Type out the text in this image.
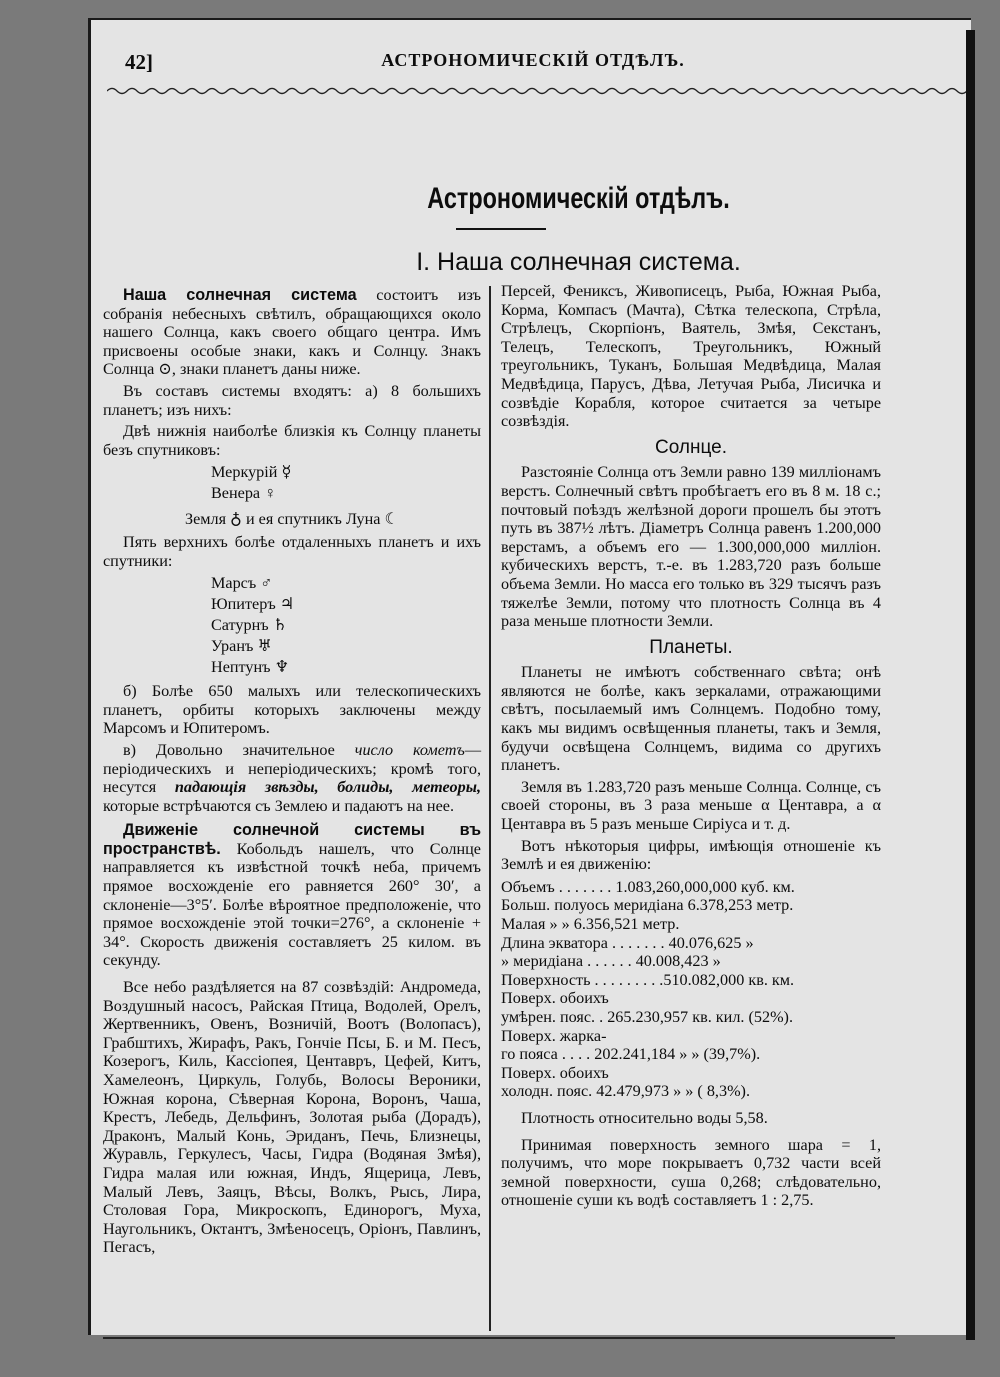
42]	АСТРОНОМИЧЕСКІЙ ОТДѢЛЪ.
Астрономическій отдѣлъ.
I. Наша солнечная система.

Наша солнечная система состоитъ изъ собранія небесныхъ свѣтилъ, обращающихся около нашего Солнца, какъ своего общаго центра. Имъ присвоены особые знаки, какъ и Солнцу. Знакъ Солнца ⊙, знаки планетъ даны ниже.

Въ составъ системы входятъ: а) 8 большихъ планетъ; изъ нихъ:

Двѣ нижнія наиболѣе близкія къ Солнцу планеты безъ спутниковъ:

Меркурій ☿
Венера ♀

Земля ♁ и ея спутникъ Луна ☾

Пять верхнихъ болѣе отдаленныхъ планетъ и ихъ спутники:

Марсъ ♂
Юпитеръ ♃
Сатурнъ ♄
Уранъ ♅
Нептунъ ♆

б) Болѣе 650 малыхъ или телескопическихъ планетъ, орбиты которыхъ заключены между Марсомъ и Юпитеромъ.

в) Довольно значительное число кометъ— періодическихъ и непеpіодическихъ; кромѣ того, несутся падающія звѣзды, болиды, метеоры, которые встрѣчаются съ Землею и падаютъ на нее.

Движеніе солнечной системы въ пространствѣ. Кобольдъ нашелъ, что Солнце направляется къ извѣстной точкѣ неба, причемъ прямое восхожденіе его равняется 260° 30′, а склоненіе—3°5′. Болѣе вѣроятное предположеніе, что прямое восхожденіе этой точки=276°, а склоненіе + 34°. Скорость движенія составляетъ 25 килом. въ секунду.

Все небо раздѣляется на 87 созвѣздій: Андромеда, Воздушный насосъ, Райская Птица, Водолей, Орелъ, Жертвенникъ, Овенъ, Возничій, Воотъ (Волопасъ), Грабштихъ, Жирафъ, Ракъ, Гончіе Псы, Б. и М. Песъ, Козерогъ, Киль, Кассіопея, Центавръ, Цефей, Китъ, Хамелеонъ, Циркуль, Голубь, Волосы Вероники, Южная корона, Сѣверная Корона, Воронъ, Чаша, Крестъ, Лебедь, Дельфинъ, Золотая рыба (Дорадъ), Драконъ, Малый Конь, Эриданъ, Печь, Близнецы, Журавль, Геркулесъ, Часы, Гидра (Водяная Змѣя), Гидра малая или южная, Индъ, Ящерица, Левъ, Малый Левъ, Заяцъ, Вѣсы, Волкъ, Рысь, Лира, Столовая Гора, Микроскопъ, Единорогъ, Муха, Наугольникъ, Октантъ, Змѣеносецъ, Оріонъ, Павлинъ, Пегасъ,

Персей, Фениксъ, Живописецъ, Рыба, Южная Рыба, Корма, Компасъ (Мачта), Сѣтка телескопа, Стрѣла, Стрѣлецъ, Скорпіонъ, Ваятель, Змѣя, Секстанъ, Телецъ, Телескопъ, Треугольникъ, Южный треугольникъ, Туканъ, Большая Медвѣдица, Малая Медвѣдица, Парусъ, Дѣва, Летучая Рыба, Лисичка и созвѣдіе Корабля, которое считается за четыре созвѣздія.

Солнце.

Разстояніе Солнца отъ Земли равно 139 милліонамъ верстъ. Солнечный свѣтъ пробѣгаетъ его въ 8 м. 18 с.; почтовый поѣздъ желѣзной дороги прошелъ бы этотъ путь въ 387½ лѣтъ. Діаметръ Солнца равенъ 1.200,000 верстамъ, а объемъ его — 1.300,000,000 милліон. кубическихъ верстъ, т.-е. въ 1.283,720 разъ больше объема Земли. Но масса его только въ 329 тысячъ разъ тяжелѣе Земли, потому что плотность Солнца въ 4 раза меньше плотности Земли.

Планеты.

Планеты не имѣютъ собственнаго свѣта; онѣ являются не болѣе, какъ зеркалами, отражающими свѣтъ, посылаемый имъ Солнцемъ. Подобно тому, какъ мы видимъ освѣщенныя планеты, такъ и Земля, будучи освѣщена Солнцемъ, видима со другихъ планетъ.

Земля въ 1.283,720 разъ меньше Солнца. Солнце, съ своей стороны, въ 3 раза меньше α Центавра, а α Центавра въ 5 разъ меньше Сиріуса и т. д.

Вотъ нѣкоторыя цифры, имѣющія отношеніе къ Землѣ и ея движенію:

Объемъ . . . . . . . 1.083,260,000,000 куб. км.
Больш. полуось меридіана 6.378,253 метр.
Малая » » 6.356,521 метр.
Длина экватора . . . . . . . 40.076,625 »
» меридіана . . . . . . 40.008,423 »
Поверхность . . . . . . . . .510.082,000 кв. км.
Поверх. обоихъ
умѣрен. пояс. . 265.230,957 кв. кил. (52%).
Поверх. жарка-
го пояса . . . . 202.241,184 » » (39,7%).
Поверх. обоихъ
холодн. пояс. 42.479,973 » » ( 8,3%).

Плотность относительно воды 5,58.

Принимая поверхность земного шара = 1, получимъ, что море покрываетъ 0,732 части всей земной поверхности, суша 0,268; слѣдовательно, отношеніе суши къ водѣ составляетъ 1 : 2,75.
